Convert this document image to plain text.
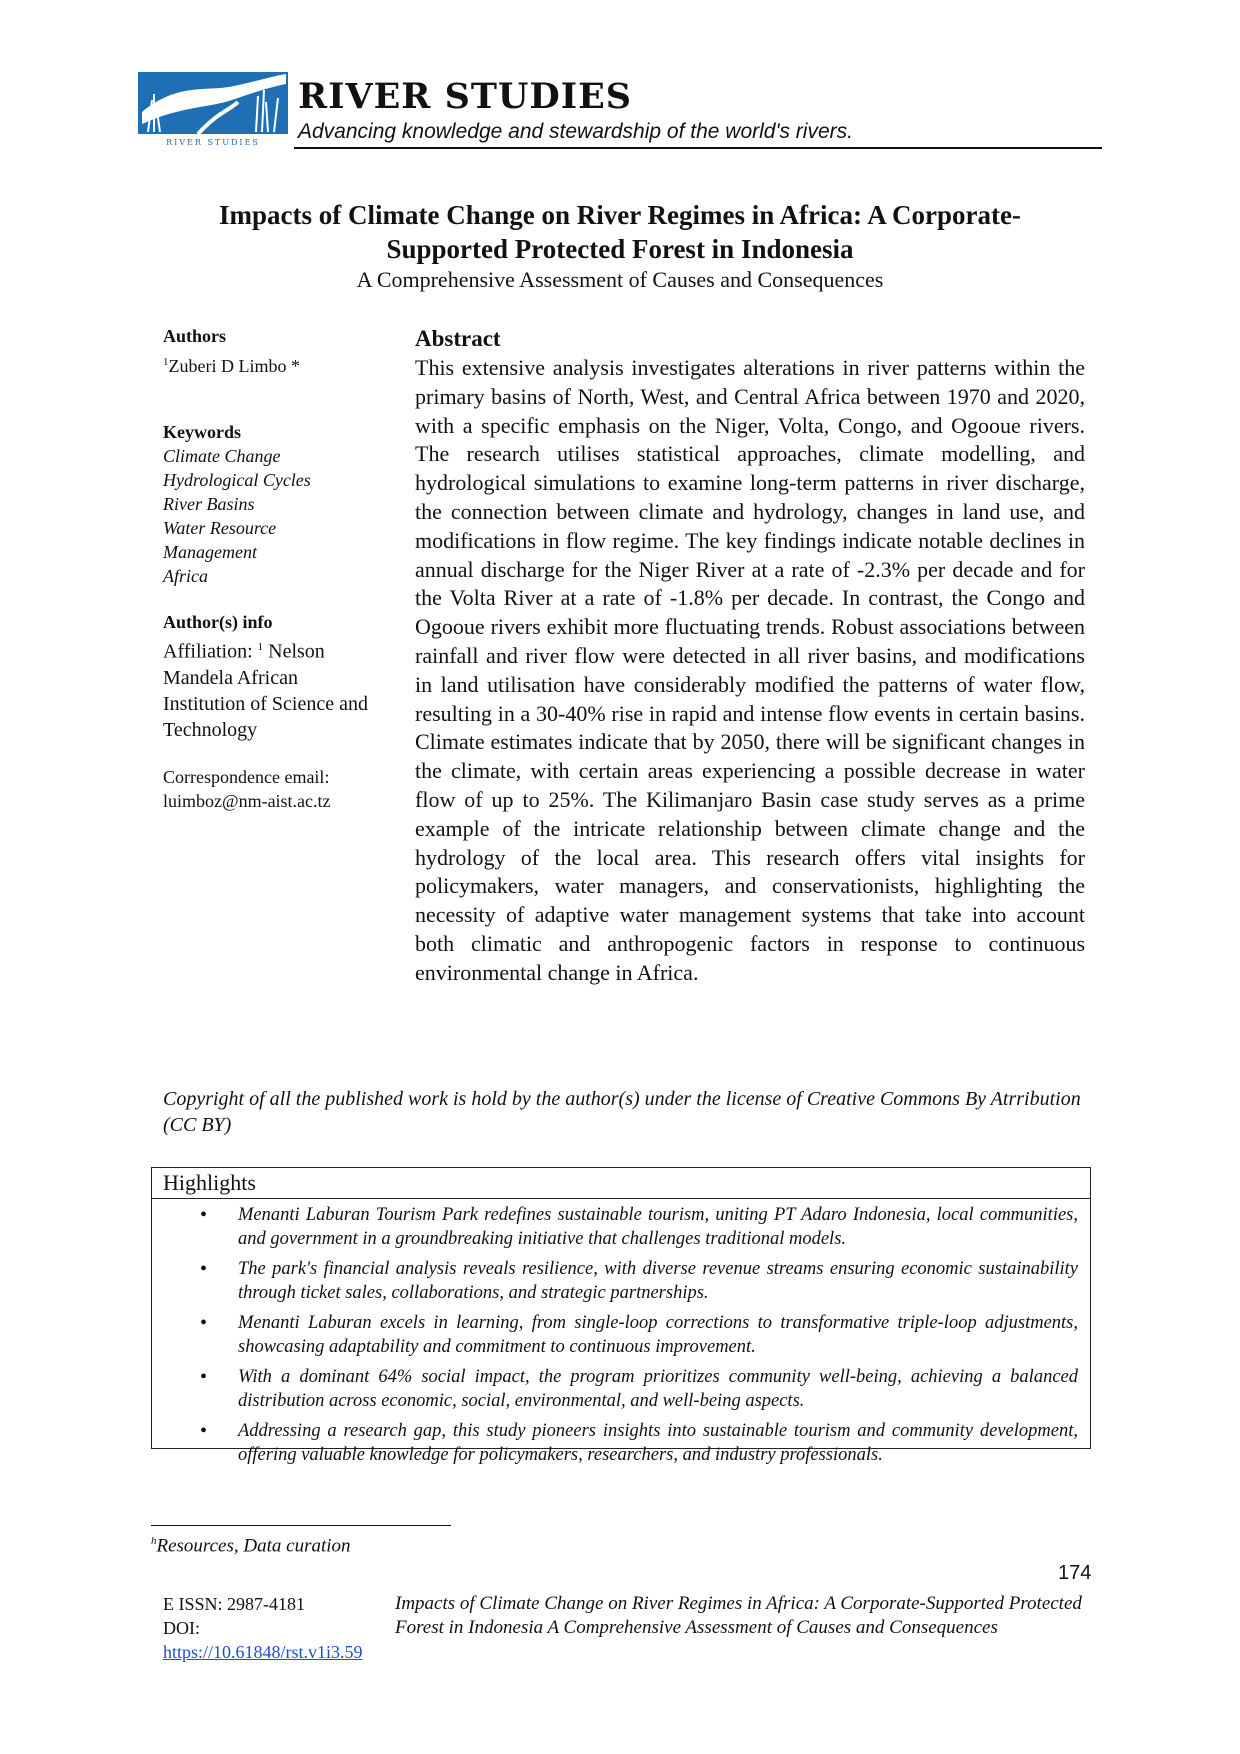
RIVER STUDIES
RIVER STUDIES
Advancing knowledge and stewardship of the world's rivers.
Impacts of Climate Change on River Regimes in Africa: A Corporate-
Supported Protected Forest in Indonesia
A Comprehensive Assessment of Causes and Consequences
Authors
$^1$Zuberi D Limbo *
Keywords
Climate Change
Hydrological Cycles
River Basins
Water Resource
Management
Africa
Author(s) info
Affiliation: $^1$ Nelson Mandela African Institution of Science and Technology
Correspondence email:
luimboz@nm-aist.ac.tz
Abstract
This extensive analysis investigates alterations in river patterns within the primary basins of North, West, and Central Africa between 1970 and 2020, with a specific emphasis on the Niger, Volta, Congo, and Ogooue rivers. The research utilises statistical approaches, climate modelling, and hydrological simulations to examine long-term patterns in river discharge, the connection between climate and hydrology, changes in land use, and modifications in flow regime. The key findings indicate notable declines in annual discharge for the Niger River at a rate of -2.3% per decade and for the Volta River at a rate of -1.8% per decade. In contrast, the Congo and Ogooue rivers exhibit more fluctuating trends. Robust associations between rainfall and river flow were detected in all river basins, and modifications in land utilisation have considerably modified the patterns of water flow, resulting in a 30-40% rise in rapid and intense flow events in certain basins. Climate estimates indicate that by 2050, there will be significant changes in the climate, with certain areas experiencing a possible decrease in water flow of up to 25%. The Kilimanjaro Basin case study serves as a prime example of the intricate relationship between climate change and the hydrology of the local area. This research offers vital insights for policymakers, water managers, and conservationists, highlighting the necessity of adaptive water management systems that take into account both climatic and anthropogenic factors in response to continuous environmental change in Africa.
Copyright of all the published work is hold by the author(s) under the license of Creative Commons By Atrribution (CC BY)
Highlights
• Menanti Laburan Tourism Park redefines sustainable tourism, uniting PT Adaro Indonesia, local communities, and government in a groundbreaking initiative that challenges traditional models.
• The park's financial analysis reveals resilience, with diverse revenue streams ensuring economic sustainability through ticket sales, collaborations, and strategic partnerships.
• Menanti Laburan excels in learning, from single-loop corrections to transformative triple-loop adjustments, showcasing adaptability and commitment to continuous improvement.
• With a dominant 64% social impact, the program prioritizes community well-being, achieving a balanced distribution across economic, social, environmental, and well-being aspects.
• Addressing a research gap, this study pioneers insights into sustainable tourism and community development, offering valuable knowledge for policymakers, researchers, and industry professionals.
$^h$Resources, Data curation
174
E ISSN: 2987-4181
DOI:
https://10.61848/rst.v1i3.59
Impacts of Climate Change on River Regimes in Africa: A Corporate-Supported Protected Forest in Indonesia A Comprehensive Assessment of Causes and Consequences
